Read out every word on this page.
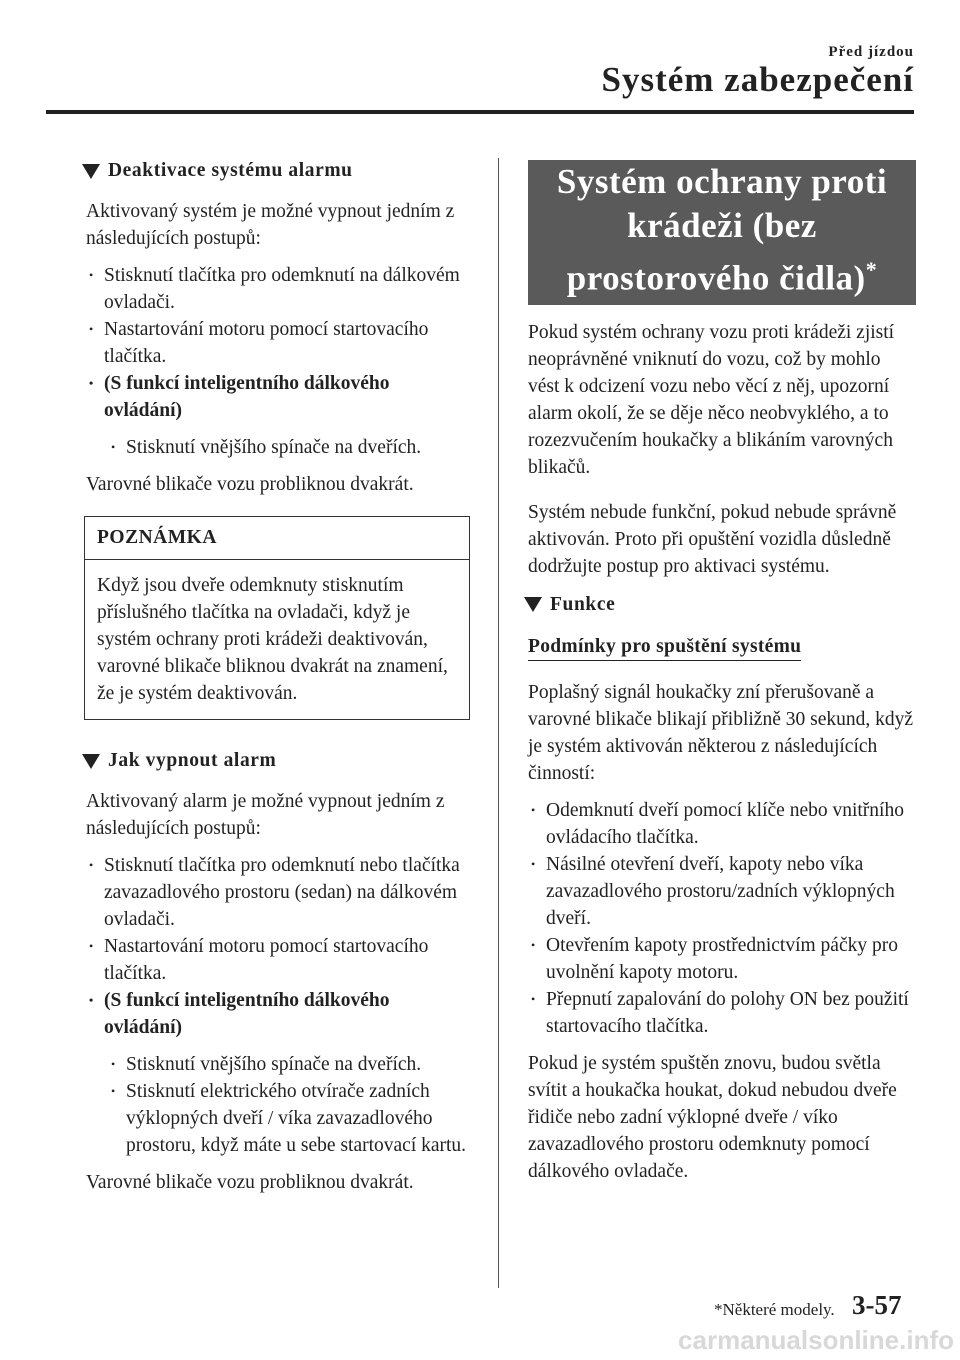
Před jízdou
Systém zabezpečení
Deaktivace systému alarmu

Aktivovaný systém je možné vypnout jedním z následujících postupů:

• Stisknutí tlačítka pro odemknutí na dálkovém ovladači.
• Nastartování motoru pomocí startovacího tlačítka.
• (S funkcí inteligentního dálkového ovládání)
• Stisknutí vnějšího spínače na dveřích.

Varovné blikače vozu probliknou dvakrát.

POZNÁMKA
Když jsou dveře odemknuty stisknutím příslušného tlačítka na ovladači, když je systém ochrany proti krádeži deaktivován, varovné blikače bliknou dvakrát na znamení, že je systém deaktivován.
Jak vypnout alarm

Aktivovaný alarm je možné vypnout jedním z následujících postupů:

• Stisknutí tlačítka pro odemknutí nebo tlačítka zavazadlového prostoru (sedan) na dálkovém ovladači.
• Nastartování motoru pomocí startovacího tlačítka.
• (S funkcí inteligentního dálkového ovládání)
• Stisknutí vnějšího spínače na dveřích.
• Stisknutí elektrického otvírače zadních výklopných dveří / víka zavazadlového prostoru, když máte u sebe startovací kartu.

Varovné blikače vozu probliknou dvakrát.

Systém ochrany proti krádeži (bez prostorového čidla)*

Pokud systém ochrany vozu proti krádeži zjistí neoprávněné vniknutí do vozu, což by mohlo vést k odcizení vozu nebo věcí z něj, upozorní alarm okolí, že se děje něco neobvyklého, a to rozezvučením houkačky a blikáním varovných blikačů.

Systém nebude funkční, pokud nebude správně aktivován. Proto při opuštění vozidla důsledně dodržujte postup pro aktivaci systému.

Funkce
Podmínky pro spuštění systému

Poplašný signál houkačky zní přerušovaně a varovné blikače blikají přibližně 30 sekund, když je systém aktivován některou z následujících činností:

• Odemknutí dveří pomocí klíče nebo vnitřního ovládacího tlačítka.
• Násilné otevření dveří, kapoty nebo víka zavazadlového prostoru/zadních výklopných dveří.
• Otevřením kapoty prostřednictvím páčky pro uvolnění kapoty motoru.
• Přepnutí zapalování do polohy ON bez použití startovacího tlačítka.

Pokud je systém spuštěn znovu, budou světla svítit a houkačka houkat, dokud nebudou dveře řidiče nebo zadní výklopné dveře / víko zavazadlového prostoru odemknuty pomocí dálkového ovladače.

*Některé modely. 3-57
carmanualsonline.info
